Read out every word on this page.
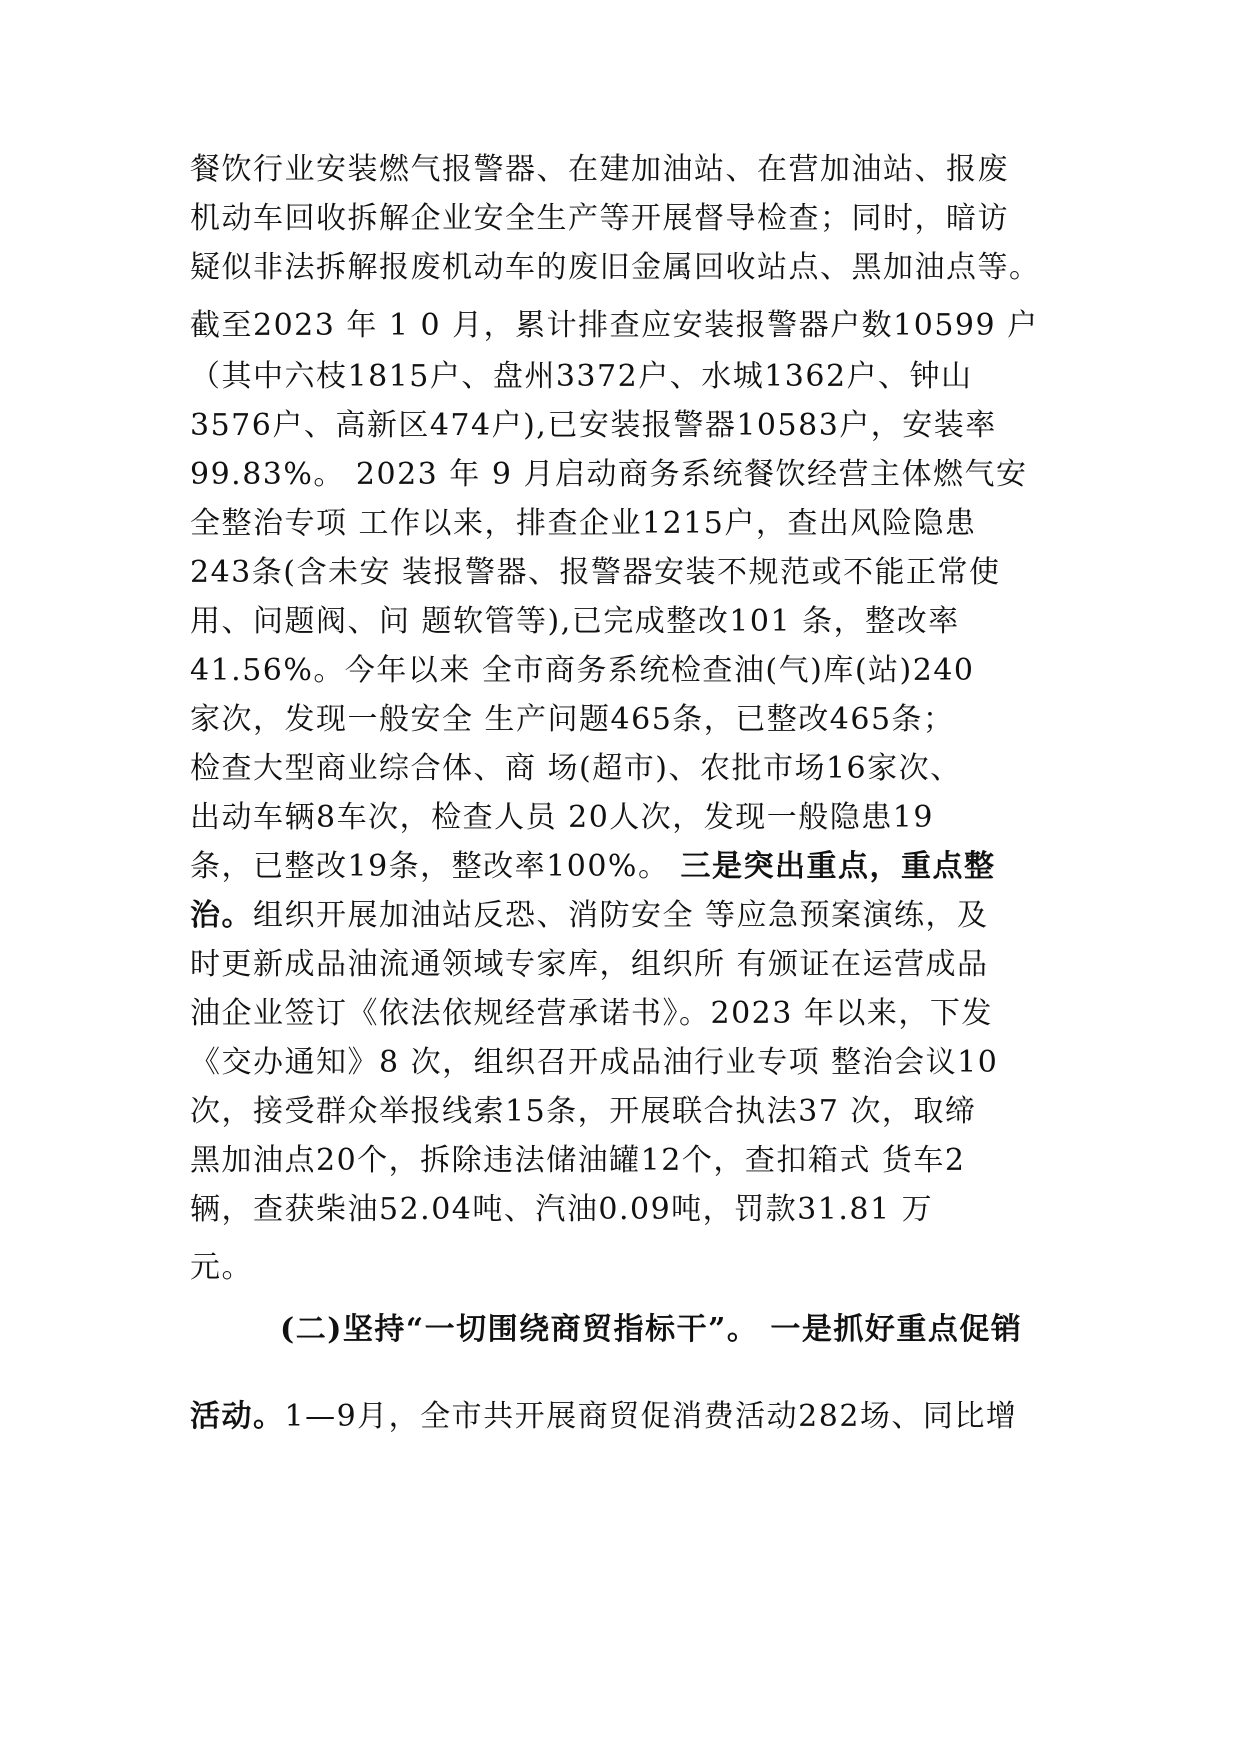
餐饮行业安装燃气报警器、在建加油站、在营加油站、报废
机动车回收拆解企业安全生产等开展督导检查；同时，暗访
疑似非法拆解报废机动车的废旧金属回收站点、黑加油点等。
截至2023 年 1 0 月，累计排查应安装报警器户数10599 户
（其中六枝1815户、盘州3372户、水城1362户、钟山
3576户、高新区474户),已安装报警器10583户，安装率
99.83%。 2023 年 9 月启动商务系统餐饮经营主体燃气安
全整治专项 工作以来，排查企业1215户，查出风险隐患
243条(含未安 装报警器、报警器安装不规范或不能正常使
用、问题阀、问 题软管等),已完成整改101 条，整改率
41.56%。今年以来 全市商务系统检查油(气)库(站)240
家次，发现一般安全 生产问题465条，已整改465条；
检查大型商业综合体、商 场(超市)、农批市场16家次、
出动车辆8车次，检查人员 20人次，发现一般隐患19
条，已整改19条，整改率100%。 三是突出重点，重点整
治。组织开展加油站反恐、消防安全 等应急预案演练，及
时更新成品油流通领域专家库，组织所 有颁证在运营成品
油企业签订《依法依规经营承诺书》。2023 年以来，下发
《交办通知》8 次，组织召开成品油行业专项 整治会议10
次，接受群众举报线索15条，开展联合执法37 次，取缔
黑加油点20个，拆除违法储油罐12个，查扣箱式 货车2
辆，查获柴油52.04吨、汽油0.09吨，罚款31.81 万
元。
(二)坚持“一切围绕商贸指标干”。 一是抓好重点促销
活动。1—9月，全市共开展商贸促消费活动282场、同比增
